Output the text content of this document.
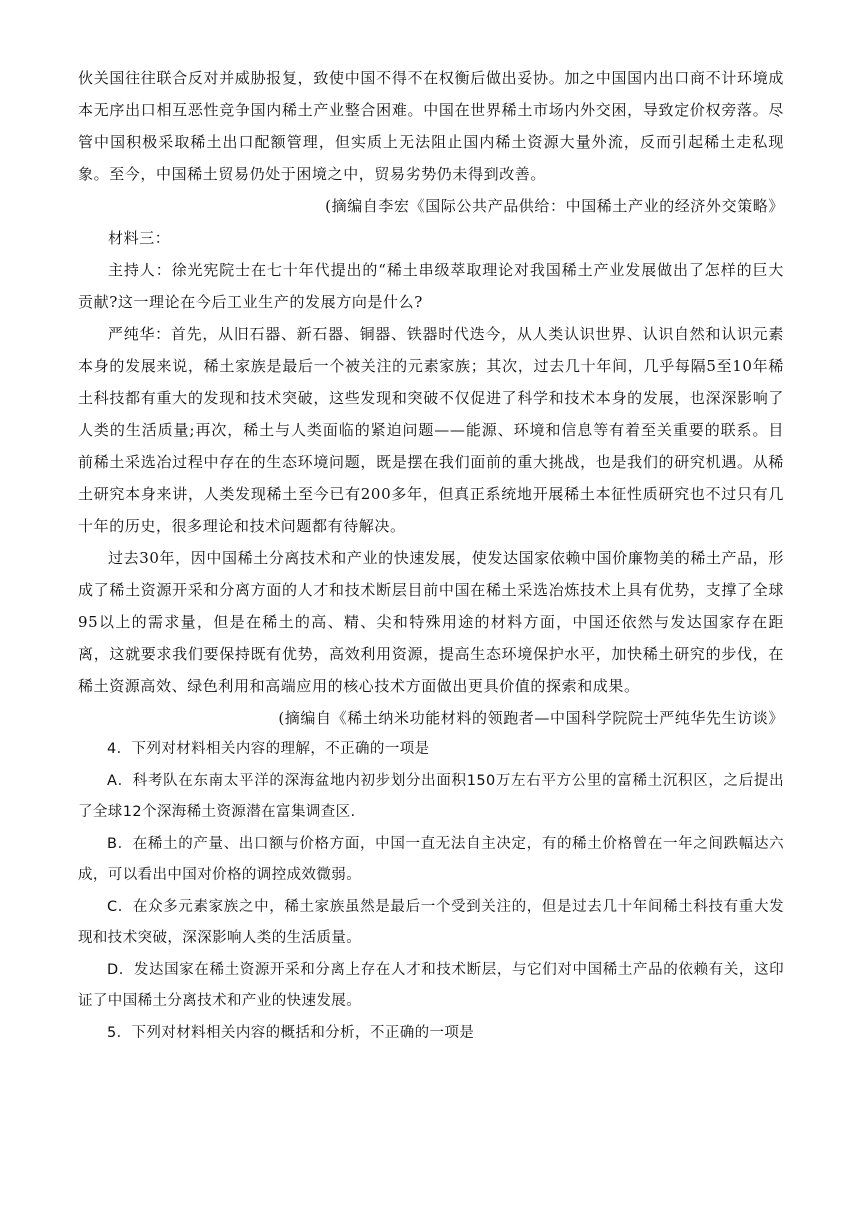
伙关国往往联合反对并威胁报复，致使中国不得不在权衡后做出妥协。加之中国国内出口商不计环境成本无序出口相互恶性竞争国内稀土产业整合困难。中国在世界稀土市场内外交困，导致定价权旁落。尽管中国积极采取稀土出口配额管理，但实质上无法阻止国内稀土资源大量外流，反而引起稀土走私现象。至今，中国稀土贸易仍处于困境之中，贸易劣势仍未得到改善。

(摘编自李宏《国际公共产品供给：中国稀土产业的经济外交策略》

材料三：

主持人：徐光宪院士在七十年代提出的“稀土串级萃取理论对我国稀土产业发展做出了怎样的巨大贡献?这一理论在今后工业生产的发展方向是什么?

严纯华：首先，从旧石器、新石器、铜器、铁器时代迭今，从人类认识世界、认识自然和认识元素本身的发展来说，稀土家族是最后一个被关注的元素家族；其次，过去几十年间，几乎每隔5至10年稀土科技都有重大的发现和技术突破，这些发现和突破不仅促进了科学和技术本身的发展，也深深影响了人类的生活质量;再次，稀土与人类面临的紧迫问题——能源、环境和信息等有着至关重要的联系。目前稀土采选冶过程中存在的生态环境问题，既是摆在我们面前的重大挑战，也是我们的研究机遇。从稀土研究本身来讲，人类发现稀土至今已有200多年，但真正系统地开展稀土本征性质研究也不过只有几十年的历史，很多理论和技术问题都有待解决。

过去30年，因中国稀土分离技术和产业的快速发展，使发达国家依赖中国价廉物美的稀土产品，形成了稀土资源开采和分离方面的人才和技术断层目前中国在稀土采选冶炼技术上具有优势，支撑了全球95以上的需求量，但是在稀土的高、精、尖和特殊用途的材料方面，中国还依然与发达国家存在距离，这就要求我们要保持既有优势，高效利用资源，提高生态环境保护水平，加快稀土研究的步伐，在稀土资源高效、绿色利用和高端应用的核心技术方面做出更具价值的探索和成果。

(摘编自《稀土纳米功能材料的领跑者—中国科学院院士严纯华先生访谈》

4．下列对材料相关内容的理解，不正确的一项是

A．科考队在东南太平洋的深海盆地内初步划分出面积150万左右平方公里的富稀土沉积区，之后提出了全球12个深海稀土资源潜在富集调查区.

B．在稀土的产量、出口额与价格方面，中国一直无法自主决定，有的稀土价格曾在一年之间跌幅达六成，可以看出中国对价格的调控成效微弱。

C．在众多元素家族之中，稀土家族虽然是最后一个受到关注的，但是过去几十年间稀土科技有重大发现和技术突破，深深影响人类的生活质量。

D．发达国家在稀土资源开采和分离上存在人才和技术断层，与它们对中国稀土产品的依赖有关，这印证了中国稀土分离技术和产业的快速发展。

5．下列对材料相关内容的概括和分析，不正确的一项是
